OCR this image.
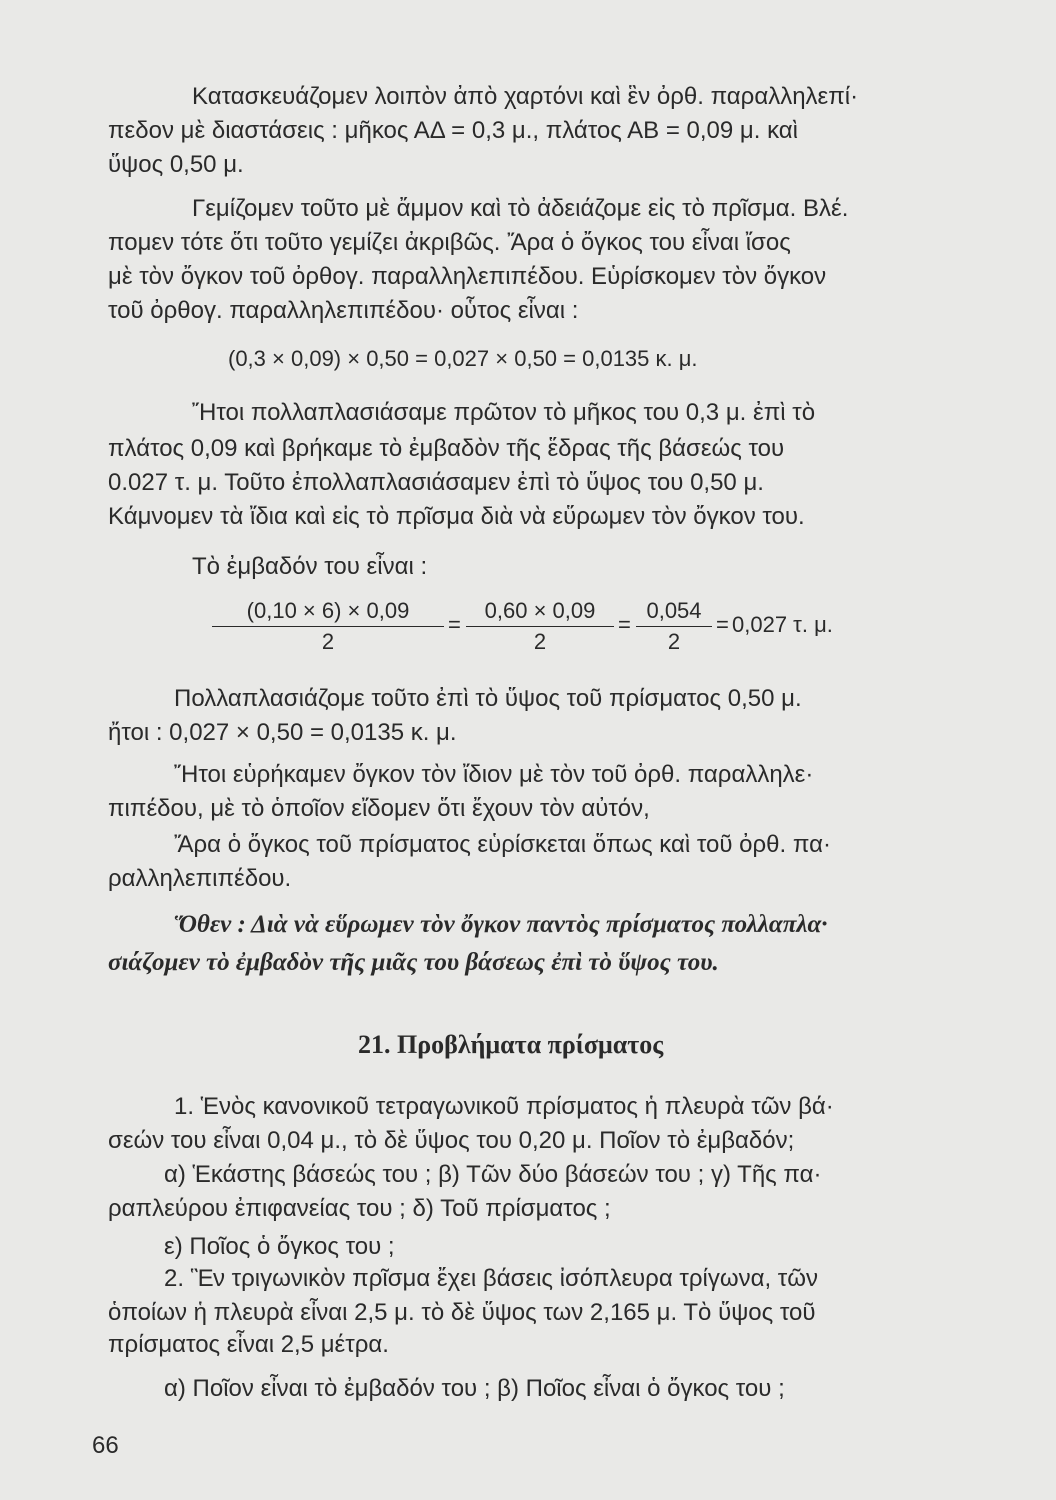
Κατασκευάζομεν λοιπὸν ἀπὸ χαρτόνι καὶ ἓν ὀρθ. παραλληλεπί·
πεδον μὲ διαστάσεις : μῆκος ΑΔ = 0,3 μ., πλάτος ΑΒ = 0,09 μ. καὶ
ὕψος 0,50 μ.
Γεμίζομεν τοῦτο μὲ ἄμμον καὶ τὸ ἀδειάζομε εἰς τὸ πρῖσμα. Βλέ.
πομεν τότε ὅτι τοῦτο γεμίζει ἀκριβῶς. Ἄρα ὁ ὄγκος του εἶναι ἴσος
μὲ τὸν ὄγκον τοῦ ὀρθογ. παραλληλεπιπέδου. Εὑρίσκομεν τὸν ὄγκον
τοῦ ὀρθογ. παραλληλεπιπέδου· οὗτος εἶναι :
(0,3 × 0,09) × 0,50 = 0,027 × 0,50 = 0,0135 κ. μ.
Ἤτοι πολλαπλασιάσαμε πρῶτον τὸ μῆκος του 0,3 μ. ἐπὶ τὸ
πλάτος 0,09 καὶ βρήκαμε τὸ ἐμβαδὸν τῆς ἕδρας τῆς βάσεώς του
0.027 τ. μ. Τοῦτο ἐπολλαπλασιάσαμεν ἐπὶ τὸ ὕψος του 0,50 μ.
Κάμνομεν τὰ ἴδια καὶ εἰς τὸ πρῖσμα διὰ νὰ εὕρωμεν τὸν ὄγκον του.
Τὸ ἐμβαδόν του εἶναι :
(0,10 × 6) × 0,09
2
=
0,60 × 0,09
2
=
0,054
2
= 0,027 τ. μ.
Πολλαπλασιάζομε τοῦτο ἐπὶ τὸ ὕψος τοῦ πρίσματος 0,50 μ.
ἤτοι : 0,027 × 0,50 = 0,0135 κ. μ.
Ἤτοι εὑρήκαμεν ὄγκον τὸν ἴδιον μὲ τὸν τοῦ ὀρθ. παραλληλε·
πιπέδου, μὲ τὸ ὁποῖον εἴδομεν ὅτι ἔχουν τὸν αὐτόν,
Ἄρα ὁ ὄγκος τοῦ πρίσματος εὑρίσκεται ὅπως καὶ τοῦ ὀρθ. πα·
ραλληλεπιπέδου.
Ὅθεν : Διὰ νὰ εὕρωμεν τὸν ὄγκον παντὸς πρίσματος πολλαπλα·
σιάζομεν τὸ ἐμβαδὸν τῆς μιᾶς του βάσεως ἐπὶ τὸ ὕψος του.
21. Προβλήματα πρίσματος
1. Ἑνὸς κανονικοῦ τετραγωνικοῦ πρίσματος ἡ πλευρὰ τῶν βά·
σεών του εἶναι 0,04 μ., τὸ δὲ ὕψος του 0,20 μ. Ποῖον τὸ ἐμβαδόν;
α) Ἑκάστης βάσεώς του ; β) Τῶν δύο βάσεών του ; γ) Τῆς πα·
ραπλεύρου ἐπιφανείας του ; δ) Τοῦ πρίσματος ;
ε) Ποῖος ὁ ὄγκος του ;
2. Ἓν τριγωνικὸν πρῖσμα ἔχει βάσεις ἰσόπλευρα τρίγωνα, τῶν
ὁποίων ἡ πλευρὰ εἶναι 2,5 μ. τὸ δὲ ὕψος των 2,165 μ. Τὸ ὕψος τοῦ
πρίσματος εἶναι 2,5 μέτρα.
α) Ποῖον εἶναι τὸ ἐμβαδόν του ; β) Ποῖος εἶναι ὁ ὄγκος του ;
66
